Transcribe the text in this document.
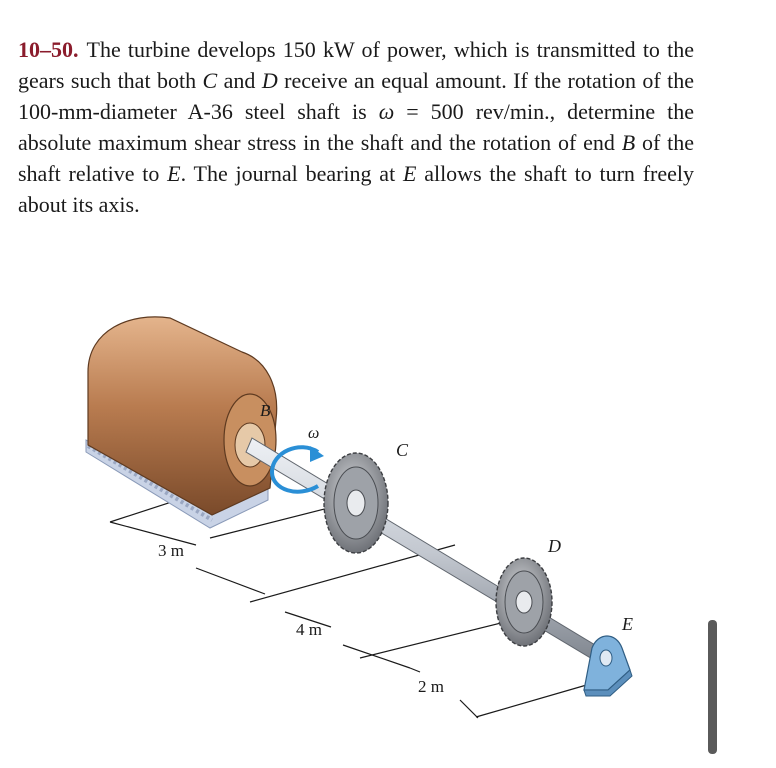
10–50. The turbine develops 150 kW of power, which is transmitted to the gears such that both C and D receive an equal amount. If the rotation of the 100-mm-diameter A-36 steel shaft is ω = 500 rev/min., determine the absolute maximum shear stress in the shaft and the rotation of end B of the shaft relative to E. The journal bearing at E allows the shaft to turn freely about its axis.

B
ω
C
D
E
3 m
4 m
2 m
